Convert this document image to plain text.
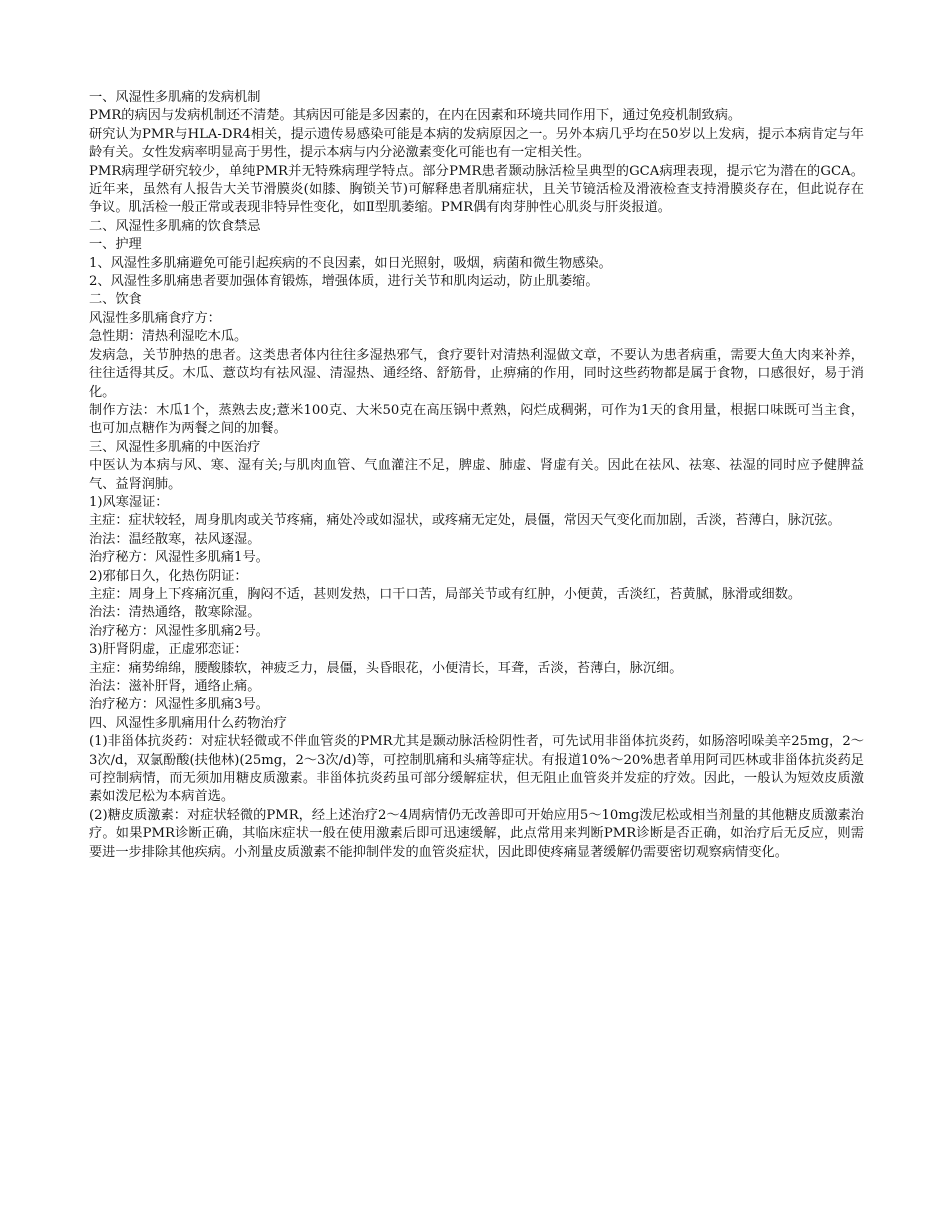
一、风湿性多肌痛的发病机制

PMR的病因与发病机制还不清楚。其病因可能是多因素的，在内在因素和环境共同作用下，通过免疫机制致病。

研究认为PMR与HLA-DR4相关，提示遗传易感染可能是本病的发病原因之一。另外本病几乎均在50岁以上发病，提示本病肯定与年龄有关。女性发病率明显高于男性，提示本病与内分泌激素变化可能也有一定相关性。

PMR病理学研究较少，单纯PMR并无特殊病理学特点。部分PMR患者颞动脉活检呈典型的GCA病理表现，提示它为潜在的GCA。近年来，虽然有人报告大关节滑膜炎(如膝、胸锁关节)可解释患者肌痛症状，且关节镜活检及滑液检查支持滑膜炎存在，但此说存在争议。肌活检一般正常或表现非特异性变化，如Ⅱ型肌萎缩。PMR偶有肉芽肿性心肌炎与肝炎报道。

二、风湿性多肌痛的饮食禁忌

一、护理

1、风湿性多肌痛避免可能引起疾病的不良因素，如日光照射，吸烟，病菌和微生物感染。

2、风湿性多肌痛患者要加强体育锻炼，增强体质，进行关节和肌肉运动，防止肌萎缩。

二、饮食

风湿性多肌痛食疗方：

急性期：清热利湿吃木瓜。

发病急，关节肿热的患者。这类患者体内往往多湿热邪气，食疗要针对清热利湿做文章，不要认为患者病重，需要大鱼大肉来补养，往往适得其反。木瓜、薏苡均有祛风湿、清湿热、通经络、舒筋骨，止痹痛的作用，同时这些药物都是属于食物，口感很好，易于消化。

制作方法：木瓜1个，蒸熟去皮;薏米100克、大米50克在高压锅中煮熟，闷烂成稠粥，可作为1天的食用量，根据口味既可当主食，也可加点糖作为两餐之间的加餐。

三、风湿性多肌痛的中医治疗

中医认为本病与风、寒、湿有关;与肌肉血管、气血灌注不足，脾虚、肺虚、肾虚有关。因此在祛风、祛寒、祛湿的同时应予健脾益气、益肾润肺。

1)风寒湿证：

主症：症状较轻，周身肌肉或关节疼痛，痛处冷或如湿状，或疼痛无定处，晨僵，常因天气变化而加剧，舌淡，苔薄白，脉沉弦。

治法：温经散寒，祛风逐湿。

治疗秘方：风湿性多肌痛1号。

2)邪郁日久，化热伤阴证：

主症：周身上下疼痛沉重，胸闷不适，甚则发热，口干口苦，局部关节或有红肿，小便黄，舌淡红，苔黄腻，脉滑或细数。

治法：清热通络，散寒除湿。

治疗秘方：风湿性多肌痛2号。

3)肝肾阴虚，正虚邪恋证：

主症：痛势绵绵，腰酸膝软，神疲乏力，晨僵，头昏眼花，小便清长，耳聋，舌淡，苔薄白，脉沉细。

治法：滋补肝肾，通络止痛。

治疗秘方：风湿性多肌痛3号。

四、风湿性多肌痛用什么药物治疗

(1)非甾体抗炎药：对症状轻微或不伴血管炎的PMR尤其是颞动脉活检阴性者，可先试用非甾体抗炎药，如肠溶吲哚美辛25mg，2～3次/d，双氯酚酸(扶他林)(25mg，2～3次/d)等，可控制肌痛和头痛等症状。有报道10%～20%患者单用阿司匹林或非甾体抗炎药足可控制病情，而无须加用糖皮质激素。非甾体抗炎药虽可部分缓解症状，但无阻止血管炎并发症的疗效。因此，一般认为短效皮质激素如泼尼松为本病首选。

(2)糖皮质激素：对症状轻微的PMR，经上述治疗2～4周病情仍无改善即可开始应用5～10mg泼尼松或相当剂量的其他糖皮质激素治疗。如果PMR诊断正确，其临床症状一般在使用激素后即可迅速缓解，此点常用来判断PMR诊断是否正确，如治疗后无反应，则需要进一步排除其他疾病。小剂量皮质激素不能抑制伴发的血管炎症状，因此即使疼痛显著缓解仍需要密切观察病情变化。
